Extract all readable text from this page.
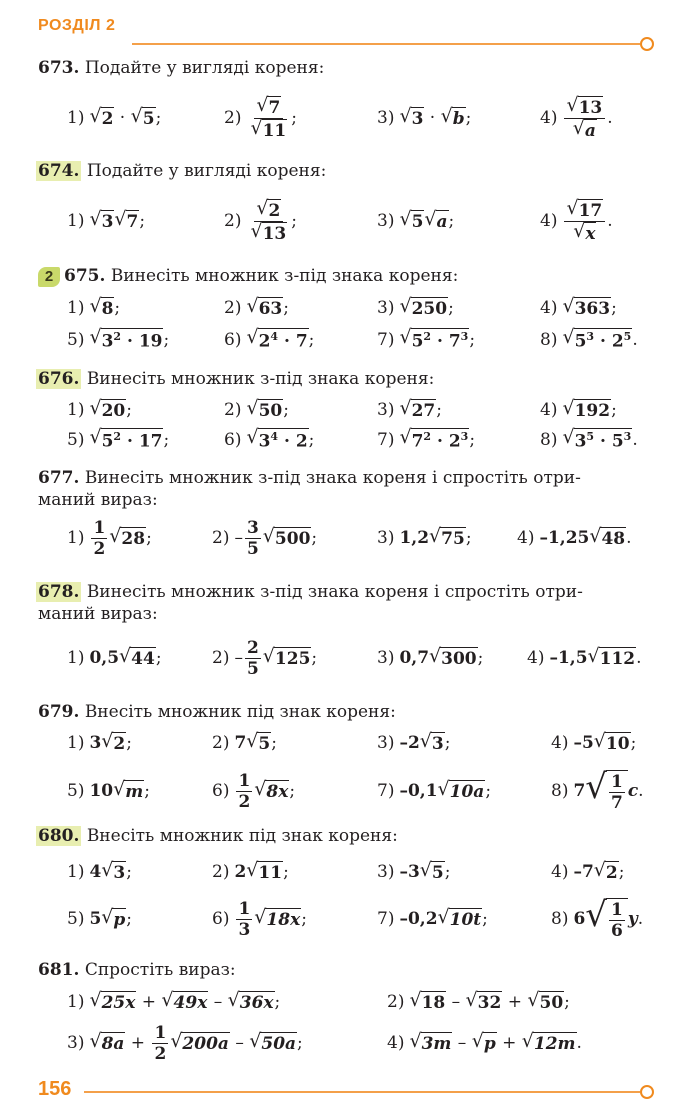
РОЗДІЛ 2
673. Подайте у вигляді кореня:
1) √ 2 · √ 5 ;	$2) \frac{√ 7}{√ 11}$ ;	3) √ 3 · √ b ;	$4) \frac{√ 13}{√ a}$ .
674. Подайте у вигляді кореня:
1) √ 3 √ 7 ;	$2) \frac{√ 2}{√ 13}$ ;	3) √ 5 √ a ;	$4) \frac{√ 17}{√ x}$ .
2 675. Винесіть множник з-під знака кореня:
1) √ 8 ;	2) √ 63 ;	3) √ 250 ;	4) √ 363 ;
5) √ $3^2 \cdot 19$ ;	6) √ $2^4 \cdot 7$ ;	7) √ $5^2 \cdot 7^3$ ;	8) √ $5^3 \cdot 2^5$ .
676. Винесіть множник з-під знака кореня:
1) √ 20 ;	2) √ 50 ;	3) √ 27 ;	4) √ 192 ;
5) √ $5^2 \cdot 17$ ;	6) √ $3^4 \cdot 2$ ;	7) √ $7^2 \cdot 2^3$ ;	8) √ $3^5 \cdot 5^3$ .
677. Винесіть множник з-під знака кореня і спростіть отри-
маний вираз:
$1) \frac{1}{2}$ √ 28 ;	$2) - \frac{3}{5}$ √ 500 ;	3) 1,2 √ 75 ;	4) –1,25 √ 48 .
678. Винесіть множник з-під знака кореня і спростіть отри-
маний вираз:
1) 0,5 √ 44 ;	$2) - \frac{2}{5}$ √ 125 ;	3) 0,7 √ 300 ;	4) –1,5 √ 112 .
679. Внесіть множник під знак кореня:
1) 3 √ 2 ;	2) 7 √ 5 ;	3) –2 √ 3 ;	4) –5 √ 10 ;
5) 10 √ m ;	$6) \frac{1}{2}$ √ 8x ;	7) –0,1 √ 10a ;	8) 7 √ $\frac{1}{7}$ c .
680. Внесіть множник під знак кореня:
1) 4 √ 3 ;	2) 2 √ 11 ;	3) –3 √ 5 ;	4) –7 √ 2 ;
5) 5 √ p ;	$6) \frac{1}{3}$ √ 18x ;	7) –0,2 √ 10t ;	8) 6 √ $\frac{1}{6}$ y .
681. Спростіть вираз:
1) √ 25x + √ 49x – √ 36x ;	2) √ 18 – √ 32 + √ 50 ;
3) √ $8a + \frac{1}{2}$ √ 200a – √ 50a ;	4) √ 3m – √ p + √ 12m .
156
